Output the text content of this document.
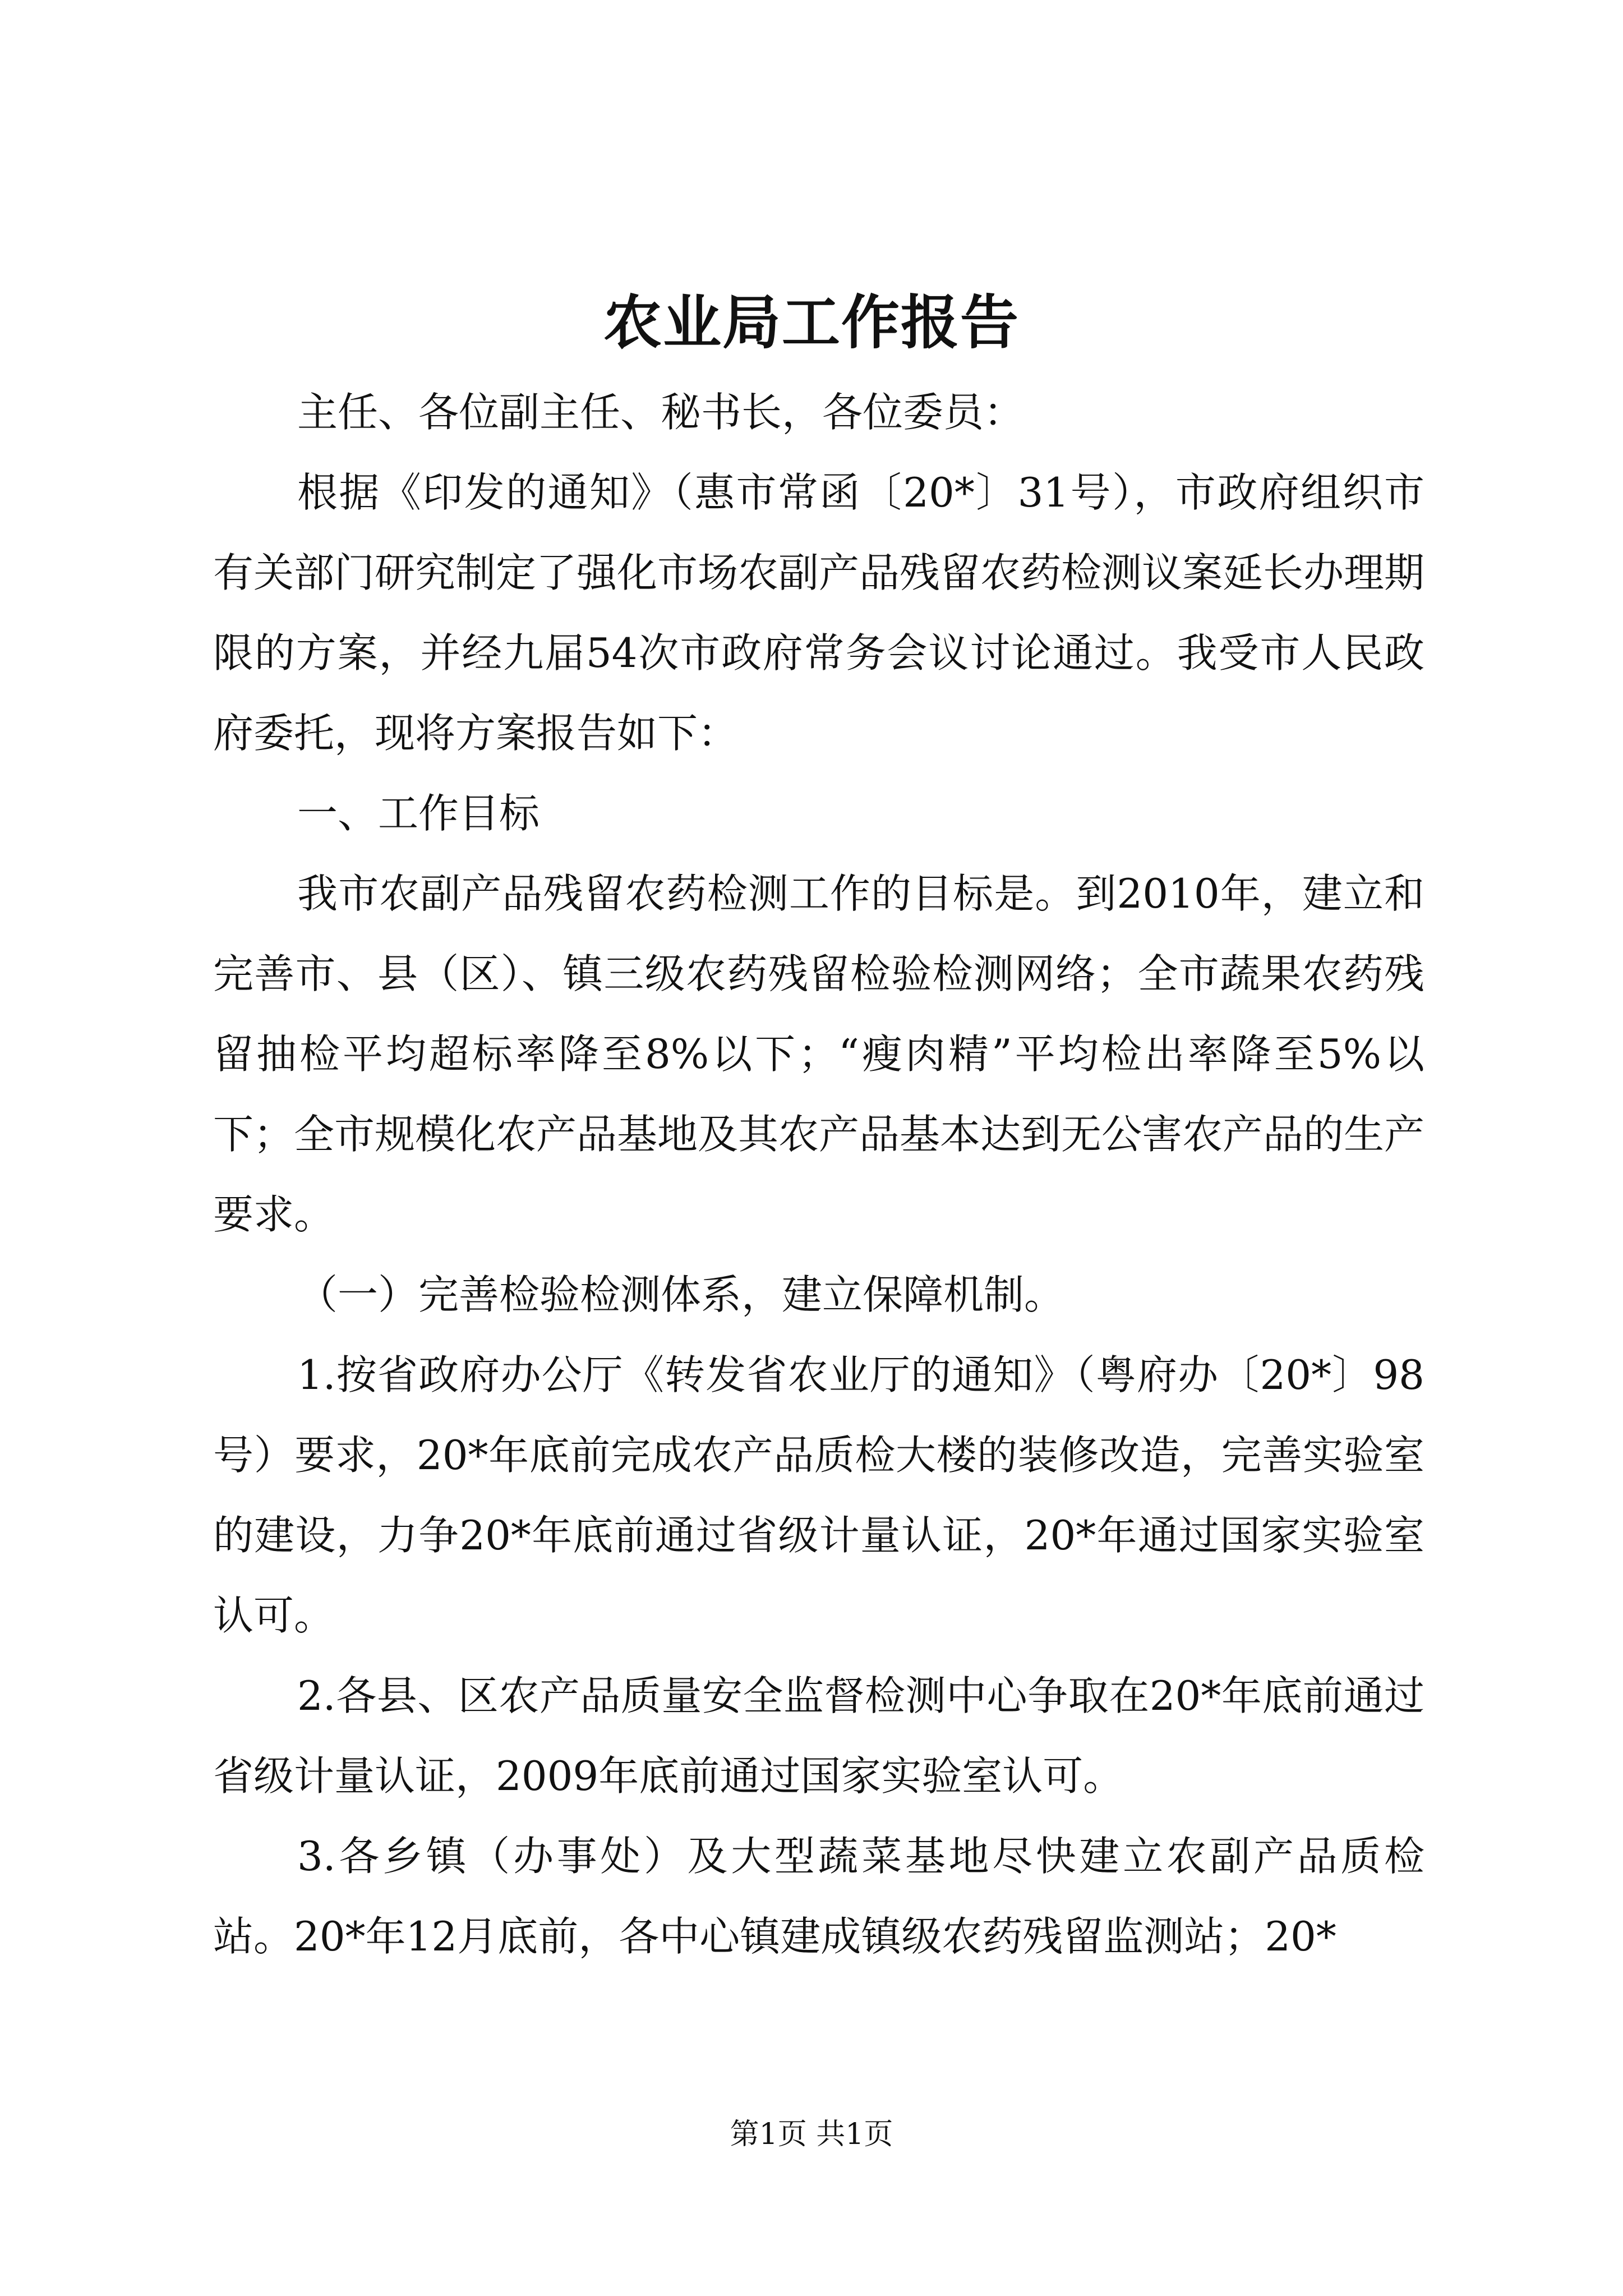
农业局工作报告

主任、各位副主任、秘书长，各位委员：

根据《印发的通知》（惠市常函〔20*〕31号），市政府组织市有关部门研究制定了强化市场农副产品残留农药检测议案延长办理期限的方案，并经九届54次市政府常务会议讨论通过。我受市人民政府委托，现将方案报告如下：

一、工作目标

我市农副产品残留农药检测工作的目标是。到2010年，建立和完善市、县（区）、镇三级农药残留检验检测网络；全市蔬果农药残留抽检平均超标率降至8%以下；“瘦肉精”平均检出率降至5%以下；全市规模化农产品基地及其农产品基本达到无公害农产品的生产要求。

（一）完善检验检测体系，建立保障机制。

1.按省政府办公厅《转发省农业厅的通知》（粤府办〔20*〕98号）要求，20*年底前完成农产品质检大楼的装修改造，完善实验室的建设，力争20*年底前通过省级计量认证，20*年通过国家实验室认可。

2.各县、区农产品质量安全监督检测中心争取在20*年底前通过省级计量认证，2009年底前通过国家实验室认可。

3.各乡镇（办事处）及大型蔬菜基地尽快建立农副产品质检站。20*年12月底前，各中心镇建成镇级农药残留监测站；20*

第1页 共1页
